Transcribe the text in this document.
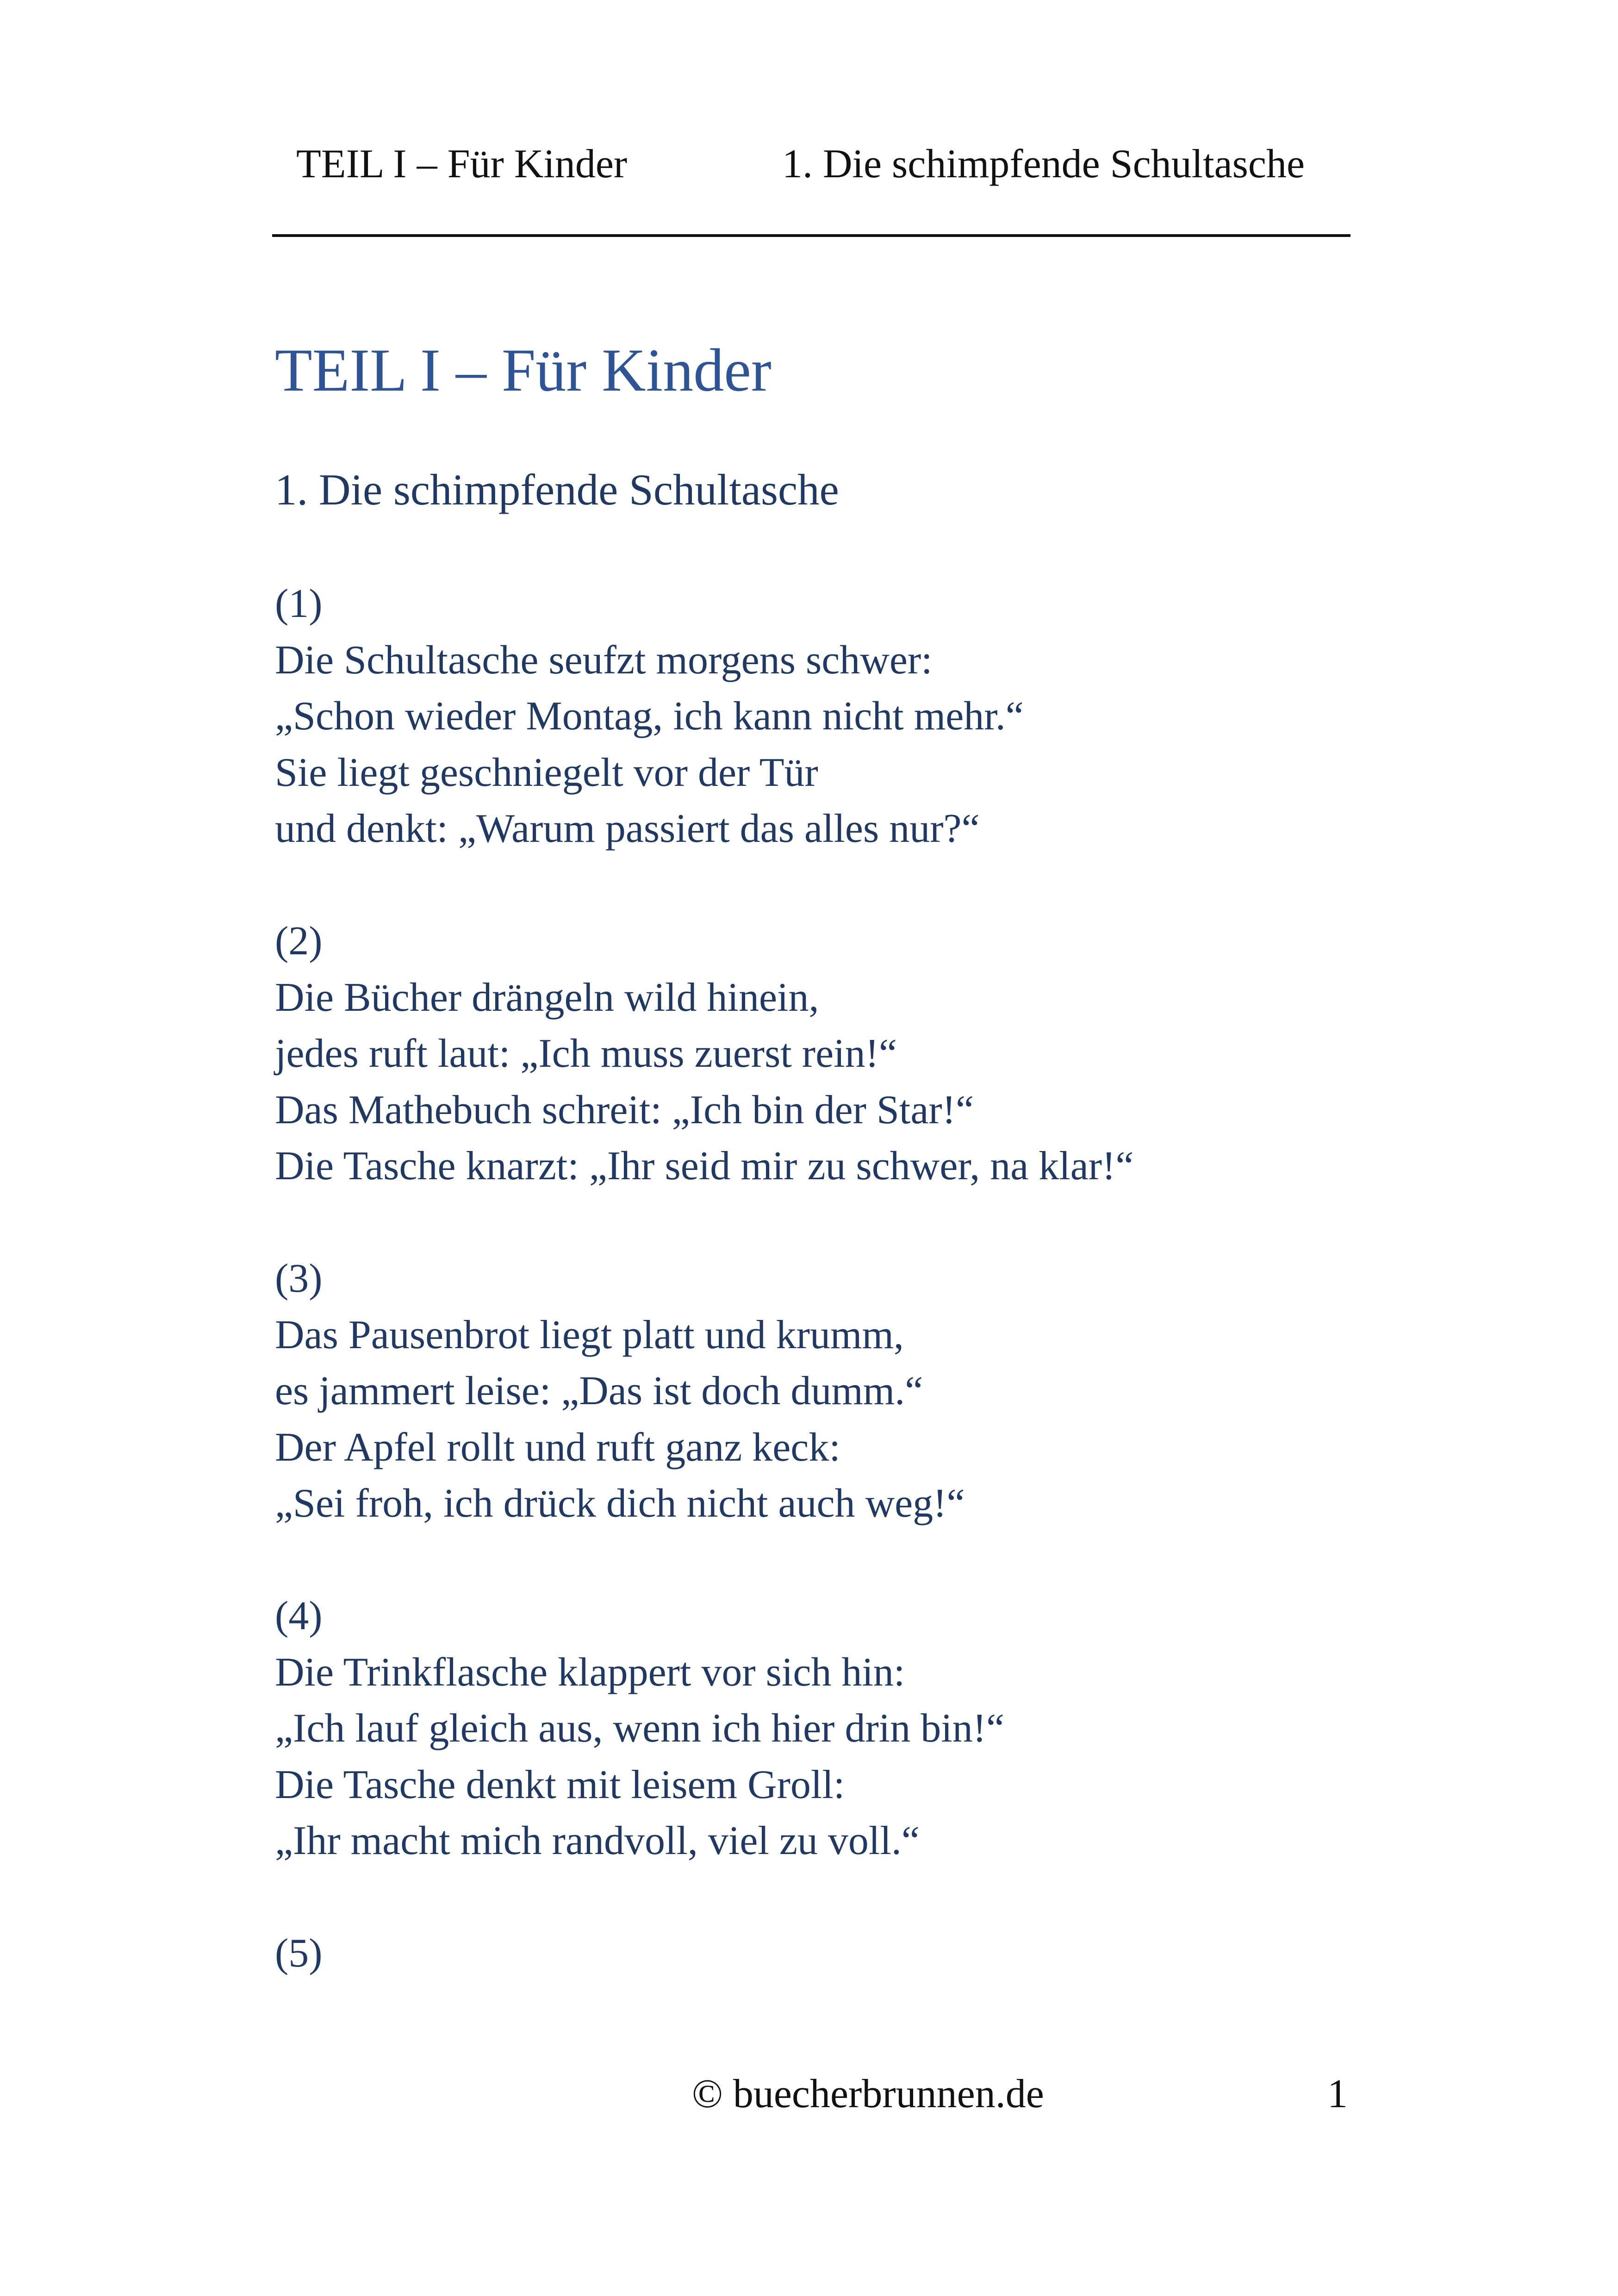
TEIL I – Für Kinder	1. Die schimpfende Schultasche
TEIL I – Für Kinder
1. Die schimpfende Schultasche
(1)
Die Schultasche seufzt morgens schwer:
„Schon wieder Montag, ich kann nicht mehr.“
Sie liegt geschniegelt vor der Tür
und denkt: „Warum passiert das alles nur?“
(2)
Die Bücher drängeln wild hinein,
jedes ruft laut: „Ich muss zuerst rein!“
Das Mathebuch schreit: „Ich bin der Star!“
Die Tasche knarzt: „Ihr seid mir zu schwer, na klar!“
(3)
Das Pausenbrot liegt platt und krumm,
es jammert leise: „Das ist doch dumm.“
Der Apfel rollt und ruft ganz keck:
„Sei froh, ich drück dich nicht auch weg!“
(4)
Die Trinkflasche klappert vor sich hin:
„Ich lauf gleich aus, wenn ich hier drin bin!“
Die Tasche denkt mit leisem Groll:
„Ihr macht mich randvoll, viel zu voll.“
(5)
© buecherbrunnen.de	1
